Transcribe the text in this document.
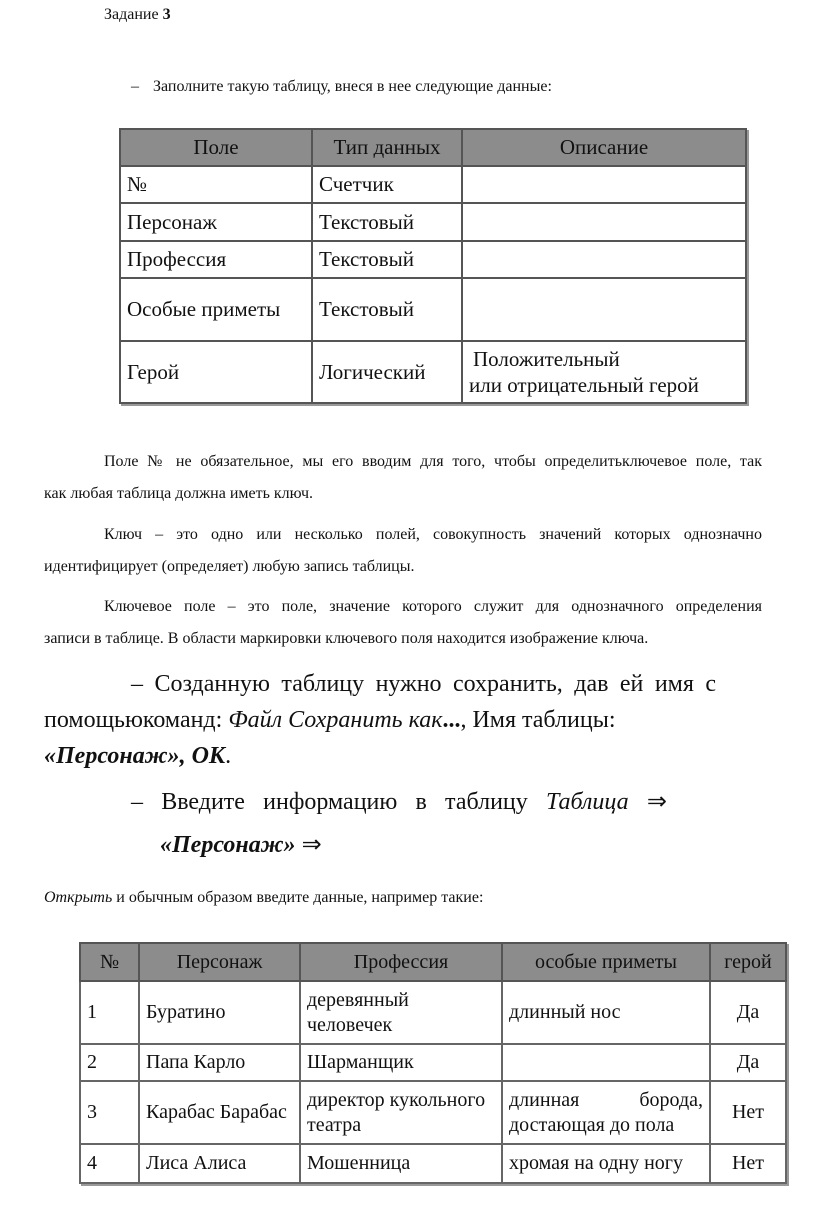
Задание 3
– Заполните такую таблицу, внеся в нее следующие данные:
Поле	Тип данных	Описание
№	Счетчик	
Персонаж	Текстовый	
Профессия	Текстовый	
Особые приметы	Текстовый	
Герой	Логический	Положительный
или отрицательный герой
Поле № не обязательное, мы его вводим для того, чтобы определитьключевое поле, так
как любая таблица должна иметь ключ.
Ключ – это одно или несколько полей, совокупность значений которых однозначно
идентифицирует (определяет) любую запись таблицы.
Ключевое поле – это поле, значение которого служит для однозначного определения
записи в таблице. В области маркировки ключевого поля находится изображение ключа.
– Созданную таблицу нужно сохранить, дав ей имя с
помощьюкоманд: Файл Сохранить как..., Имя таблицы:
«Персонаж», ОК.
– Введите информацию в таблицу Таблица ⇒
«Персонаж» ⇒
Открыть и обычным образом введите данные, например такие:
№	Персонаж	Профессия	особые приметы	герой
1	Буратино	деревянный человечек	длинный нос	Да
2	Папа Карло	Шарманщик		Да
3	Карабас Барабас	директор кукольного театра	длинная борода, достающая до пола	Нет
4	Лиса Алиса	Мошенница	хромая на одну ногу	Нет
